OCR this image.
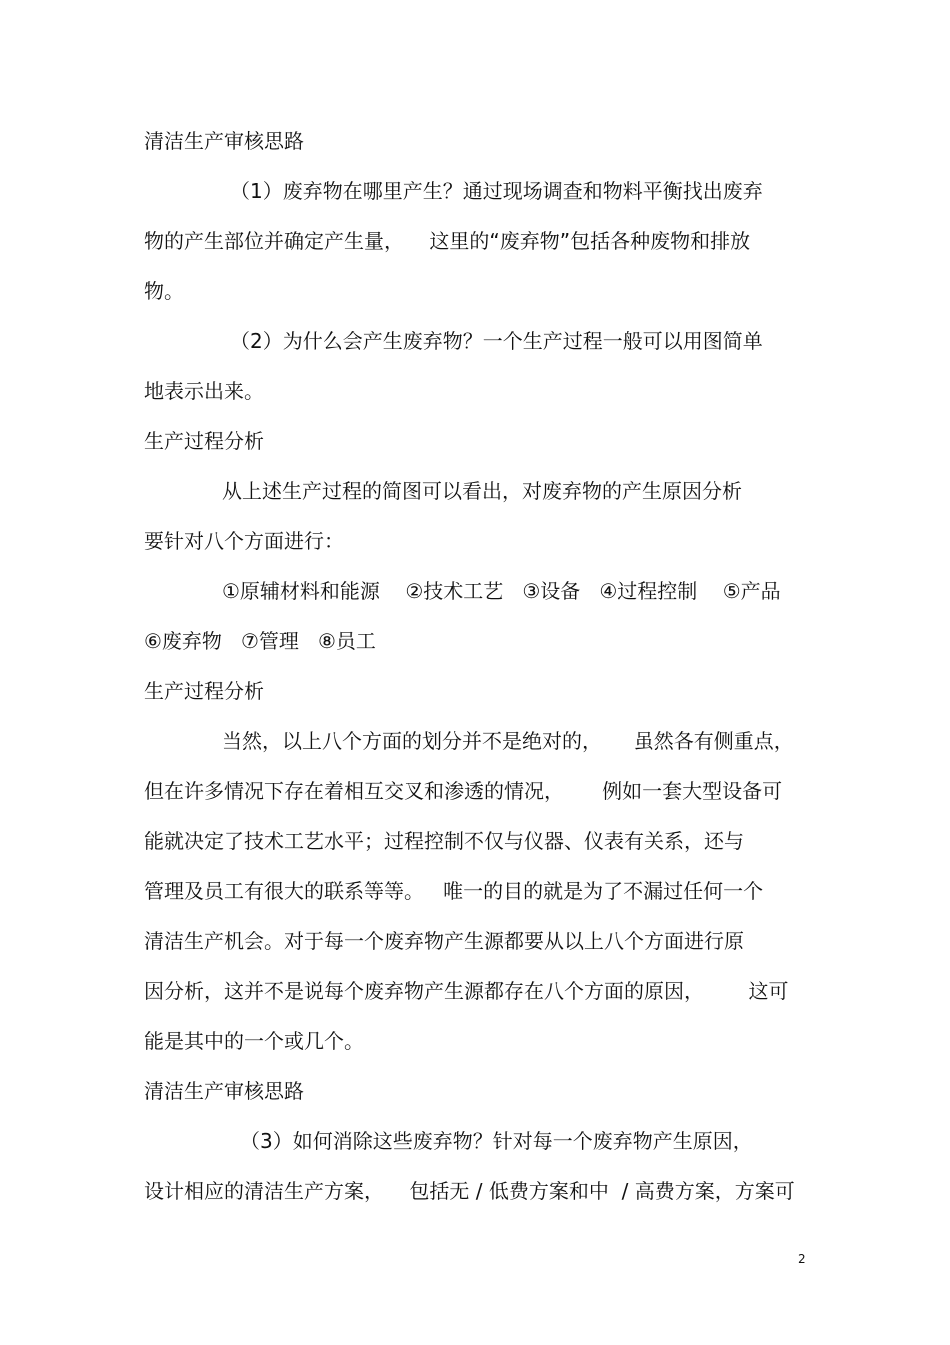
清洁生产审核思路
（1）废弃物在哪里产生？通过现场调查和物料平衡找出废弃
物的产生部位并确定产生量，    这里的“废弃物”包括各种废物和排放
物。
（2）为什么会产生废弃物？一个生产过程一般可以用图简单
地表示出来。
生产过程分析
从上述生产过程的简图可以看出，对废弃物的产生原因分析
要针对八个方面进行：
①原辅材料和能源    ②技术工艺   ③设备   ④过程控制    ⑤产品
⑥废弃物   ⑦管理   ⑧员工
生产过程分析
当然，以上八个方面的划分并不是绝对的，     虽然各有侧重点，
但在许多情况下存在着相互交叉和渗透的情况，      例如一套大型设备可
能就决定了技术工艺水平；过程控制不仅与仪器、仪表有关系，还与
管理及员工有很大的联系等等。   唯一的目的就是为了不漏过任何一个
清洁生产机会。对于每一个废弃物产生源都要从以上八个方面进行原
因分析，这并不是说每个废弃物产生源都存在八个方面的原因，       这可
能是其中的一个或几个。
清洁生产审核思路
（3）如何消除这些废弃物？针对每一个废弃物产生原因，
设计相应的清洁生产方案，    包括无 / 低费方案和中  / 高费方案，方案可
2
